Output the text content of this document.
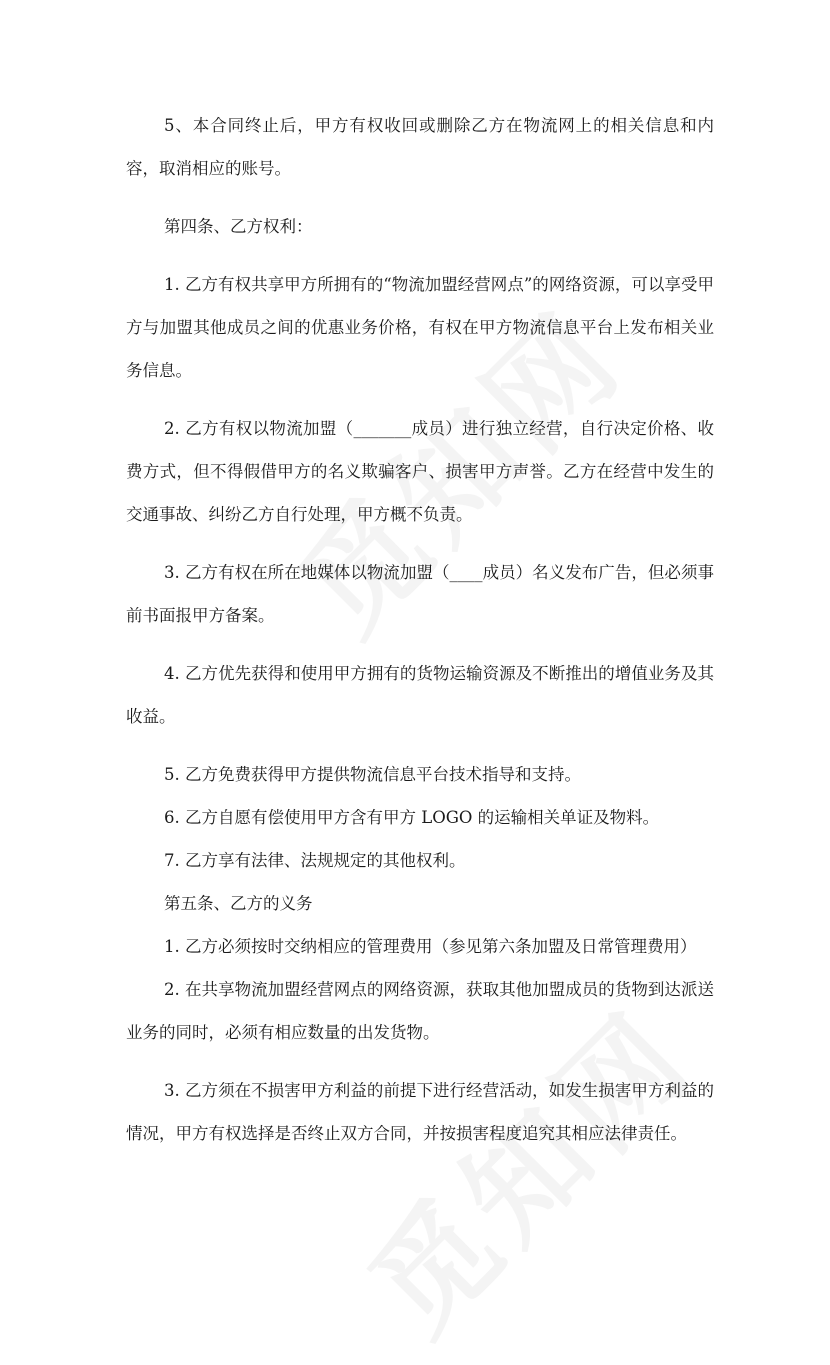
5、本合同终止后，甲方有权收回或删除乙方在物流网上的相关信息和内容，取消相应的账号。

第四条、乙方权利：

1. 乙方有权共享甲方所拥有的“物流加盟经营网点”的网络资源，可以享受甲方与加盟其他成员之间的优惠业务价格，有权在甲方物流信息平台上发布相关业务信息。

2. 乙方有权以物流加盟（_______成员）进行独立经营，自行决定价格、收费方式，但不得假借甲方的名义欺骗客户、损害甲方声誉。乙方在经营中发生的交通事故、纠纷乙方自行处理，甲方概不负责。

3. 乙方有权在所在地媒体以物流加盟（____成员）名义发布广告，但必须事前书面报甲方备案。

4. 乙方优先获得和使用甲方拥有的货物运输资源及不断推出的增值业务及其收益。

5. 乙方免费获得甲方提供物流信息平台技术指导和支持。

6. 乙方自愿有偿使用甲方含有甲方 LOGO 的运输相关单证及物料。

7. 乙方享有法律、法规规定的其他权利。

第五条、乙方的义务

1. 乙方必须按时交纳相应的管理费用（参见第六条加盟及日常管理费用）

2. 在共享物流加盟经营网点的网络资源，获取其他加盟成员的货物到达派送业务的同时，必须有相应数量的出发货物。

3. 乙方须在不损害甲方利益的前提下进行经营活动，如发生损害甲方利益的情况，甲方有权选择是否终止双方合同，并按损害程度追究其相应法律责任。
